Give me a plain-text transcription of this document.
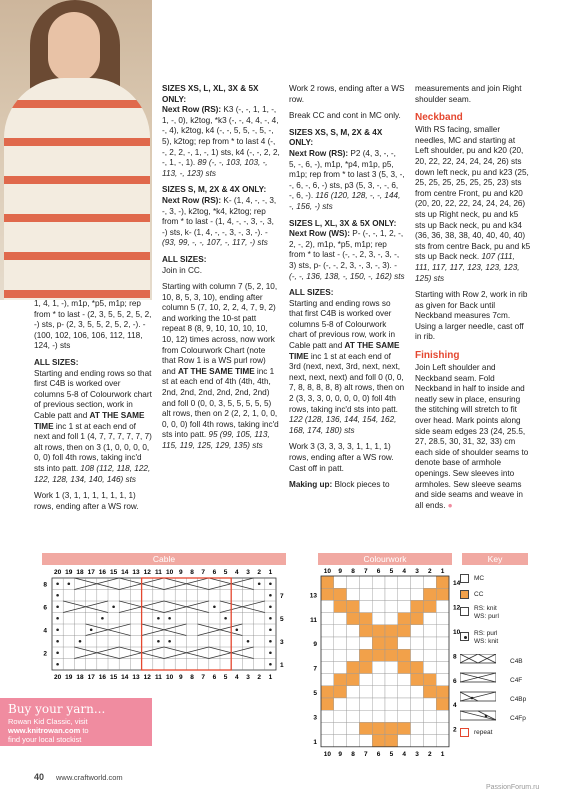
1, 4, 1, -), m1p, *p5, m1p; rep from * to last - (2, 3, 5, 5, 2, 5, 2, -) sts, p- (2, 3, 5, 5, 2, 5, 2, -). - (100, 102, 106, 106, 112, 118, 124, -) sts

ALL SIZES:

Starting and ending rows so that first C4B is worked over columns 5-8 of Colourwork chart of previous section, work in Cable patt and AT THE SAME TIME inc 1 st at each end of next and foll 1 (4, 7, 7, 7, 7, 7, 7) alt rows, then on 3 (1, 0, 0, 0, 0, 0, 0) foll 4th rows, taking inc'd sts into patt. 108 (112, 118, 122, 122, 128, 134, 140, 146) sts

Work 1 (3, 1, 1, 1, 1, 1, 1, 1) rows, ending after a WS row.

SIZES XS, L, XL, 3X & 5X ONLY:

Next Row (RS): K3 (-, -, 1, 1, -, 1, -, 0), k2tog, *k3 (-, -, 4, 4, -, 4, -, 4), k2tog, k4 (-, -, 5, 5, -, 5, -, 5), k2tog; rep from * to last 4 (-, -, 2, 2, -, 1, -, 1) sts, k4 (-, -, 2, 2, -, 1, -, 1). 89 (-, -, 103, 103, -, 113, -, 123) sts

SIZES S, M, 2X & 4X ONLY:

Next Row (RS): K- (1, 4, -, -, 3, -, 3, -), k2tog, *k4, k2tog; rep from * to last - (1, 4, -, -, 3, -, 3, -) sts, k- (1, 4, -, -, 3, -, 3, -). - (93, 99, -, -, 107, -, 117, -) sts

ALL SIZES:

Join in CC.

Starting with column 7 (5, 2, 10, 10, 8, 5, 3, 10), ending after column 5 (7, 10, 2, 2, 4, 7, 9, 2) and working the 10-st patt repeat 8 (8, 9, 10, 10, 10, 10, 10, 12) times across, now work from Colourwork Chart (note that Row 1 is a WS purl row) and AT THE SAME TIME inc 1 st at each end of 4th (4th, 4th, 2nd, 2nd, 2nd, 2nd, 2nd, 2nd) and foll 0 (0, 0, 3, 5, 5, 5, 5, 5) alt rows, then on 2 (2, 2, 1, 0, 0, 0, 0, 0) foll 4th rows, taking inc'd sts into patt. 95 (99, 105, 113, 115, 119, 125, 129, 135) sts

Work 2 rows, ending after a WS row.

Break CC and cont in MC only.

SIZES XS, S, M, 2X & 4X ONLY:

Next Row (RS): P2 (4, 3, -, -, 5, -, 6, -), m1p, *p4, m1p, p5, m1p; rep from * to last 3 (5, 3, -, -, 6, -, 6, -) sts, p3 (5, 3, -, -, 6, -, 6, -). 116 (120, 128, -, -, 144, -, 156, -) sts

SIZES L, XL, 3X & 5X ONLY:

Next Row (WS): P- (-, -, 1, 2, -, 2, -, 2), m1p, *p5, m1p; rep from * to last - (-, -, 2, 3, -, 3, -, 3) sts, p- (-, -, 2, 3, -, 3, -, 3). - (-, -, 136, 138, -, 150, -, 162) sts

ALL SIZES:

Starting and ending rows so that first C4B is worked over columns 5-8 of Colourwork chart of previous row, work in Cable patt and AT THE SAME TIME inc 1 st at each end of 3rd (next, next, 3rd, next, next, next, next, next) and foll 0 (0, 0, 7, 8, 8, 8, 8, 8) alt rows, then on 2 (3, 3, 3, 0, 0, 0, 0, 0) foll 4th rows, taking inc'd sts into patt. 122 (128, 136, 144, 154, 162, 168, 174, 180) sts

Work 3 (3, 3, 3, 3, 1, 1, 1, 1) rows, ending after a WS row. Cast off in patt.

Making up: Block pieces to

measurements and join Right shoulder seam.

Neckband

With RS facing, smaller needles, MC and starting at Left shoulder, pu and k20 (20, 20, 22, 22, 24, 24, 24, 26) sts down left neck, pu and k23 (25, 25, 25, 25, 25, 25, 25, 23) sts from centre Front, pu and k20 (20, 20, 22, 22, 24, 24, 24, 26) sts up Right neck, pu and k5 sts up Back neck, pu and k34 (36, 36, 38, 38, 40, 40, 40, 40) sts from centre Back, pu and k5 sts up Back neck. 107 (111, 111, 117, 117, 123, 123, 123, 125) sts

Starting with Row 2, work in rib as given for Back until Neckband measures 7cm. Using a larger needle, cast off in rib.

Finishing

Join Left shoulder and Neckband seam. Fold Neckband in half to inside and neatly sew in place, ensuring the stitching will stretch to fit over head. Mark points along side seam edges 23 (24, 25.5, 27, 28.5, 30, 31, 32, 33) cm each side of shoulder seams to denote base of armhole openings. Sew sleeves into armholes. Sew sleeve seams and side seams and weave in all ends. ●

Cable	Colourwork	Key
20
20
19
19
18
18
17
17
16
16
15
15
14
14
13
13
12
12
11
11
10
10
9
9
8
8
7
7
6
6
5
5
4
4
3
3
2
2
1
1
8
6
4
2
7
5
3
1
10
10
9
9
8
8
7
7
6
6
5
5
4
4
3
3
2
2
1
1
13
11
9
7
5
3
1
14
12
10
8
6
4
2
MC
CC
RS: knit
WS: purl
RS: purl
WS: knit
C4B
C4F
C4Bp
C4Fp
repeat
Buy your yarn...
Rowan Kid Classic, visit
www.knitrowan.com to
find your local stockist
40 www.craftworld.com
PassionForum.ru
